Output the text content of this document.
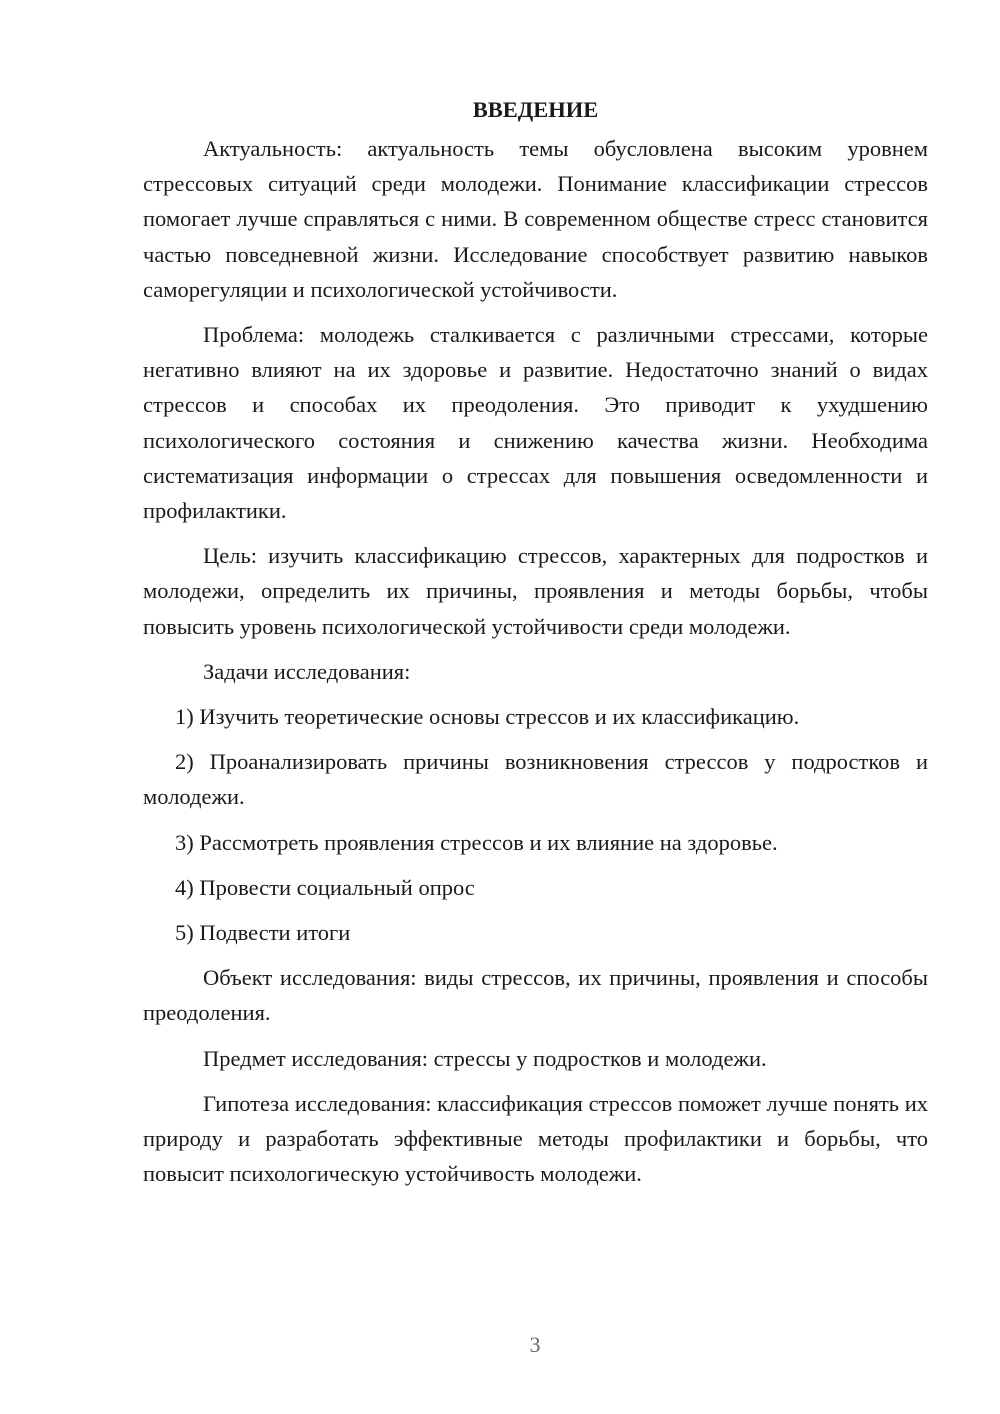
ВВЕДЕНИЕ

Актуальность: актуальность темы обусловлена высоким уровнем стрессовых ситуаций среди молодежи. Понимание классификации стрессов помогает лучше справляться с ними. В современном обществе стресс становится частью повседневной жизни. Исследование способствует развитию навыков саморегуляции и психологической устойчивости.

Проблема: молодежь сталкивается с различными стрессами, которые негативно влияют на их здоровье и развитие. Недостаточно знаний о видах стрессов и способах их преодоления. Это приводит к ухудшению психологического состояния и снижению качества жизни. Необходима систематизация информации о стрессах для повышения осведомленности и профилактики.

Цель: изучить классификацию стрессов, характерных для подростков и молодежи, определить их причины, проявления и методы борьбы, чтобы повысить уровень психологической устойчивости среди молодежи.

Задачи исследования:

1) Изучить теоретические основы стрессов и их классификацию.

2) Проанализировать причины возникновения стрессов у подростков и молодежи.

3) Рассмотреть проявления стрессов и их влияние на здоровье.

4) Провести социальный опрос

5) Подвести итоги

Объект исследования: виды стрессов, их причины, проявления и способы преодоления.

Предмет исследования: стрессы у подростков и молодежи.

Гипотеза исследования: классификация стрессов поможет лучше понять их природу и разработать эффективные методы профилактики и борьбы, что повысит психологическую устойчивость молодежи.

3
